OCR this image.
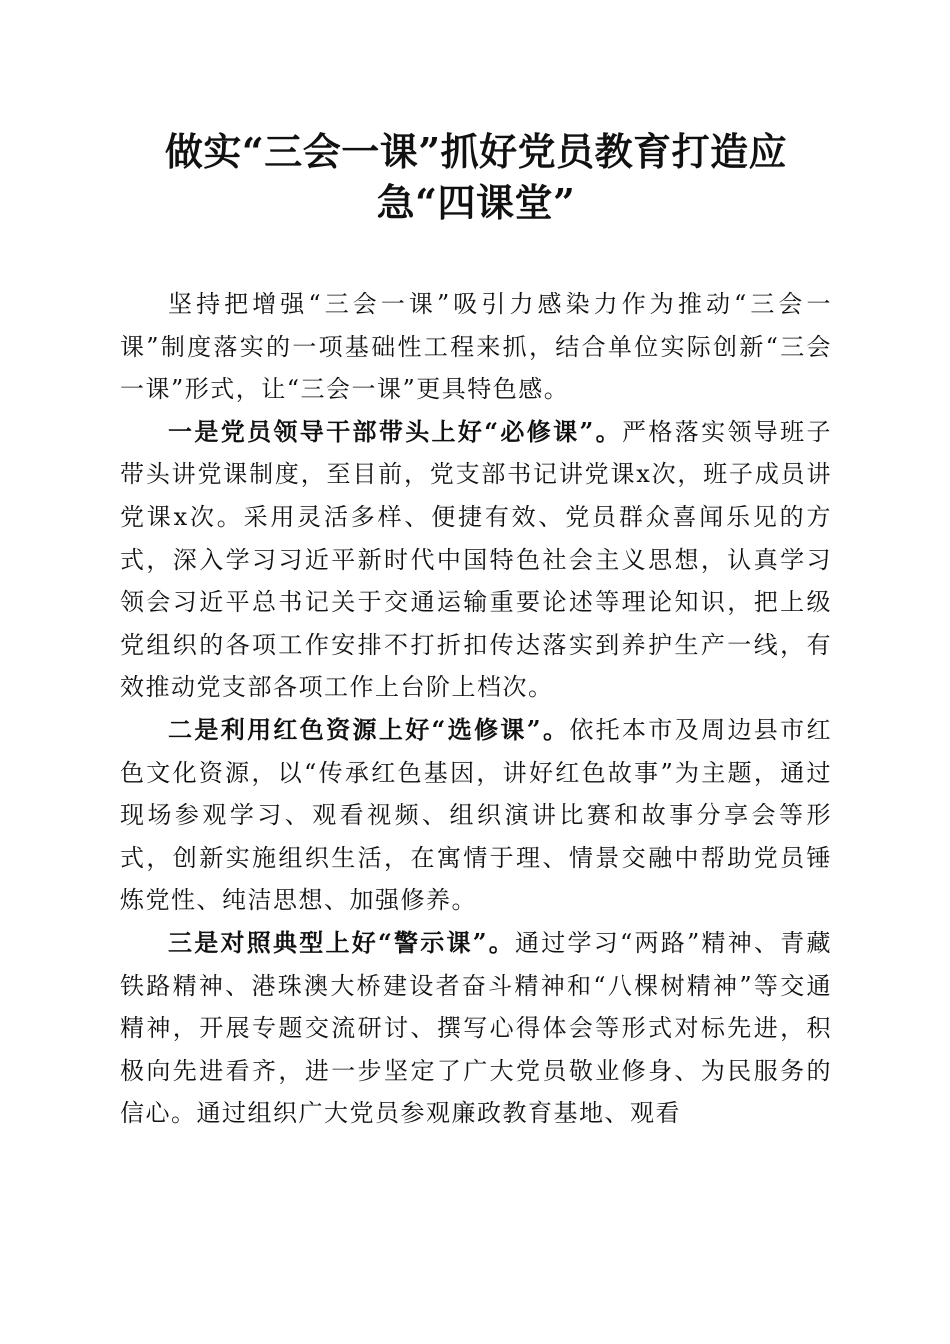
做实“三会一课”抓好党员教育打造应急“四课堂”

坚持把增强“三会一课”吸引力感染力作为推动“三会一课”制度落实的一项基础性工程来抓，结合单位实际创新“三会一课”形式，让“三会一课”更具特色感。

一是党员领导干部带头上好“必修课”。严格落实领导班子带头讲党课制度，至目前，党支部书记讲党课x次，班子成员讲党课x次。采用灵活多样、便捷有效、党员群众喜闻乐见的方式，深入学习习近平新时代中国特色社会主义思想，认真学习领会习近平总书记关于交通运输重要论述等理论知识，把上级党组织的各项工作安排不打折扣传达落实到养护生产一线，有效推动党支部各项工作上台阶上档次。

二是利用红色资源上好“选修课”。依托本市及周边县市红色文化资源，以“传承红色基因，讲好红色故事”为主题，通过现场参观学习、观看视频、组织演讲比赛和故事分享会等形式，创新实施组织生活，在寓情于理、情景交融中帮助党员锤炼党性、纯洁思想、加强修养。

三是对照典型上好“警示课”。通过学习“两路”精神、青藏铁路精神、港珠澳大桥建设者奋斗精神和“八棵树精神”等交通精神，开展专题交流研讨、撰写心得体会等形式对标先进，积极向先进看齐，进一步坚定了广大党员敬业修身、为民服务的信心。通过组织广大党员参观廉政教育基地、观看
